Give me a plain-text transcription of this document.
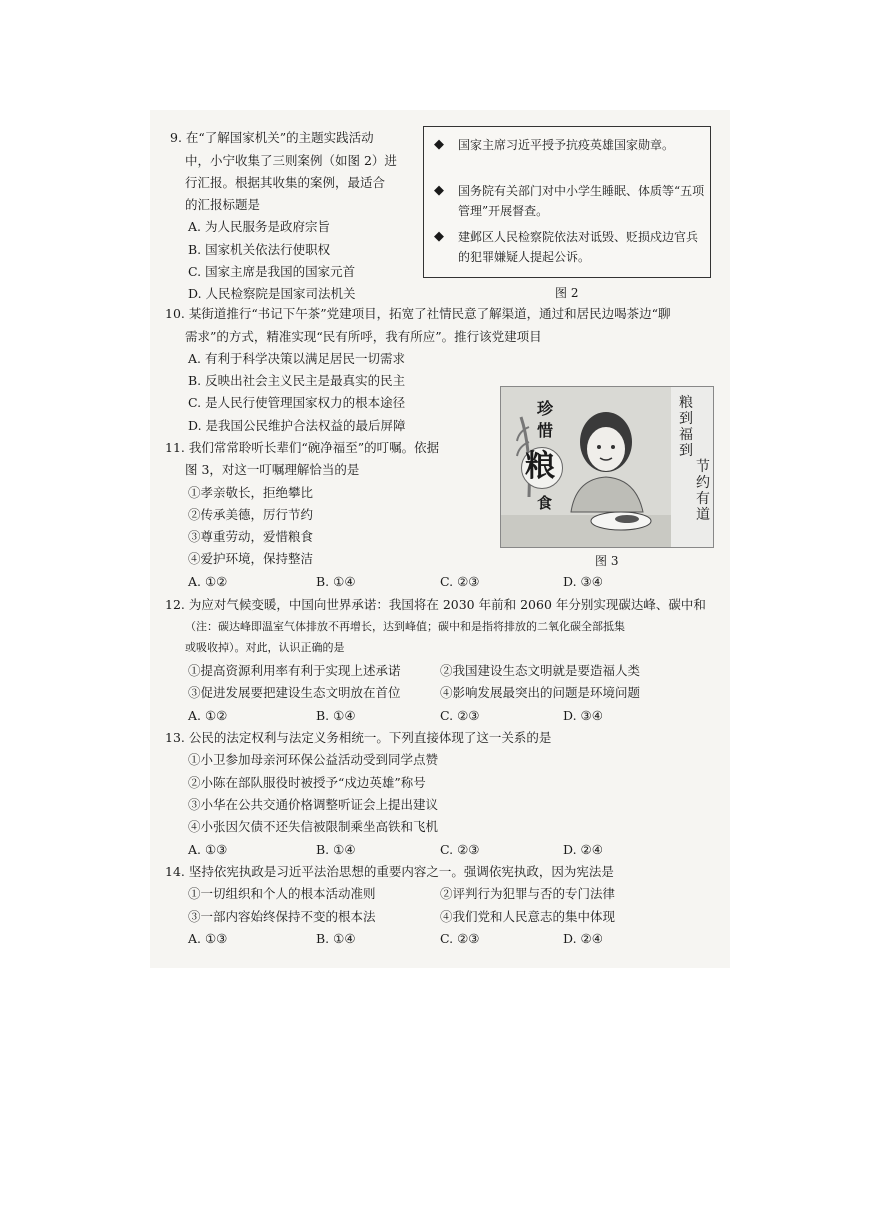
9. 在“了解国家机关”的主题实践活动
中，小宁收集了三则案例（如图 2）进
行汇报。根据其收集的案例，最适合
的汇报标题是
A. 为人民服务是政府宗旨
B. 国家机关依法行使职权
C. 国家主席是我国的国家元首
D. 人民检察院是国家司法机关
◆ 国家主席习近平授予抗疫英雄国家勋章。
◆ 国务院有关部门对中小学生睡眠、体质等“五项管理”开展督查。
◆ 建邺区人民检察院依法对诋毁、贬损戍边官兵的犯罪嫌疑人提起公诉。
图 2
10. 某街道推行“书记下午茶”党建项目，拓宽了社情民意了解渠道，通过和居民边喝茶边“聊
需求”的方式，精准实现“民有所呼，我有所应”。推行该党建项目
A. 有利于科学决策以满足居民一切需求
B. 反映出社会主义民主是最真实的民主
C. 是人民行使管理国家权力的根本途径
D. 是我国公民维护合法权益的最后屏障
珍
惜
粮
食
粮到福到
节约有道
图 3
11. 我们常常聆听长辈们“碗净福至”的叮嘱。依据
图 3，对这一叮嘱理解恰当的是
①孝亲敬长，拒绝攀比
②传承美德，厉行节约
③尊重劳动，爱惜粮食
④爱护环境，保持整洁
A. ①②	B. ①④	C. ②③	D. ③④
12. 为应对气候变暖，中国向世界承诺：我国将在 2030 年前和 2060 年分别实现碳达峰、碳中和
（注：碳达峰即温室气体排放不再增长，达到峰值；碳中和是指将排放的二氧化碳全部抵集
或吸收掉）。对此，认识正确的是
①提高资源利用率有利于实现上述承诺	②我国建设生态文明就是要造福人类
③促进发展要把建设生态文明放在首位	④影响发展最突出的问题是环境问题
A. ①②	B. ①④	C. ②③	D. ③④
13. 公民的法定权利与法定义务相统一。下列直接体现了这一关系的是
①小卫参加母亲河环保公益活动受到同学点赞
②小陈在部队服役时被授予“戍边英雄”称号
③小华在公共交通价格调整听证会上提出建议
④小张因欠债不还失信被限制乘坐高铁和飞机
A. ①③	B. ①④	C. ②③	D. ②④
14. 坚持依宪执政是习近平法治思想的重要内容之一。强调依宪执政，因为宪法是
①一切组织和个人的根本活动准则	②评判行为犯罪与否的专门法律
③一部内容始终保持不变的根本法	④我们党和人民意志的集中体现
A. ①③	B. ①④	C. ②③	D. ②④
